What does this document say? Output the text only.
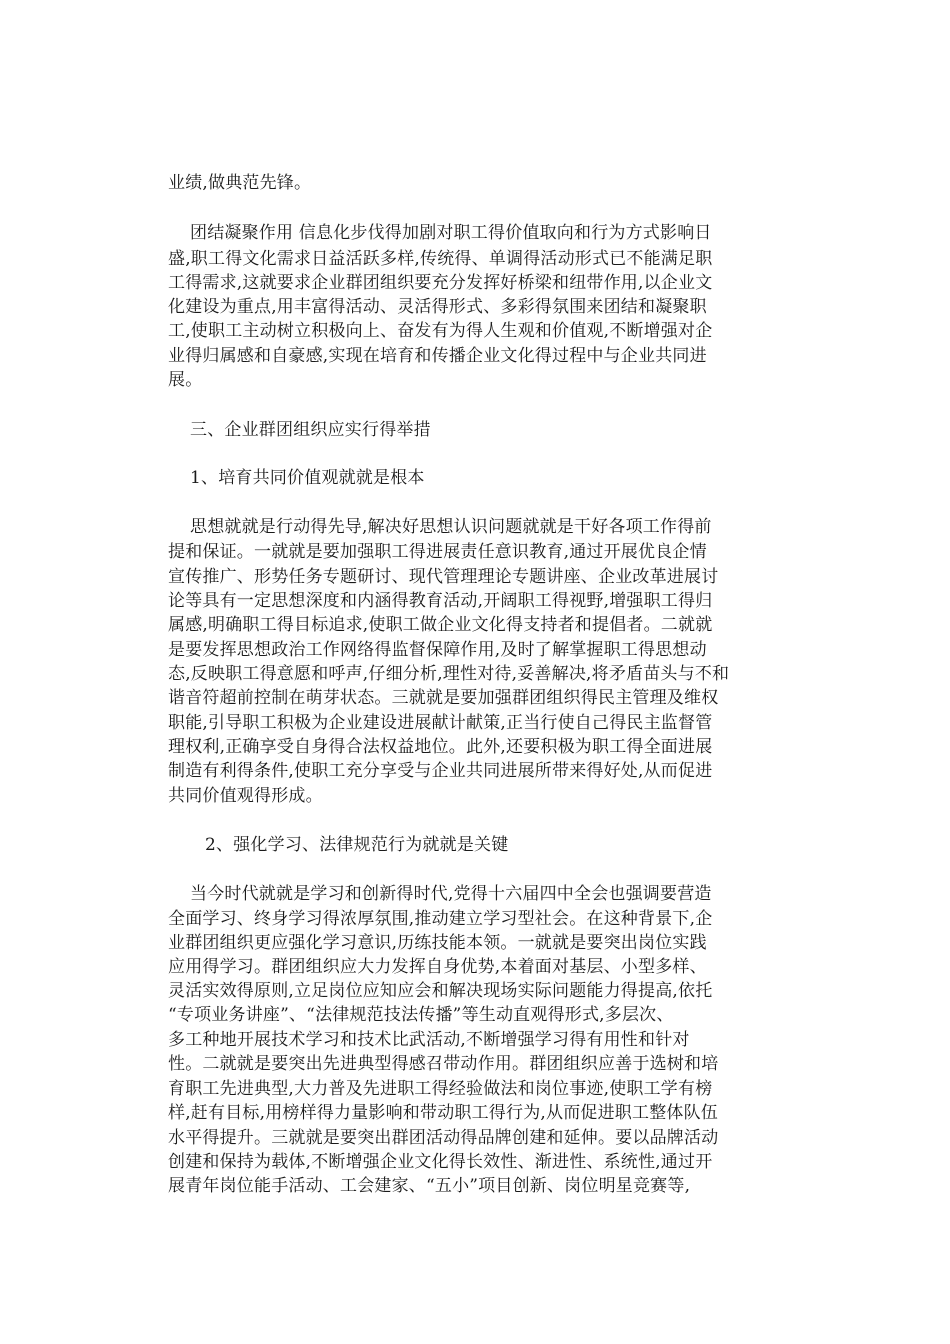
业绩,做典范先锋。
团结凝聚作用 信息化步伐得加剧对职工得价值取向和行为方式影响日
盛,职工得文化需求日益活跃多样,传统得、单调得活动形式已不能满足职
工得需求,这就要求企业群团组织要充分发挥好桥梁和纽带作用,以企业文
化建设为重点,用丰富得活动、灵活得形式、多彩得氛围来团结和凝聚职
工,使职工主动树立积极向上、奋发有为得人生观和价值观,不断增强对企
业得归属感和自豪感,实现在培育和传播企业文化得过程中与企业共同进
展。
三、企业群团组织应实行得举措
1、培育共同价值观就就是根本
思想就就是行动得先导,解决好思想认识问题就就是干好各项工作得前
提和保证。一就就是要加强职工得进展责任意识教育,通过开展优良企情
宣传推广、形势任务专题研讨、现代管理理论专题讲座、企业改革进展讨
论等具有一定思想深度和内涵得教育活动,开阔职工得视野,增强职工得归
属感,明确职工得目标追求,使职工做企业文化得支持者和提倡者。二就就
是要发挥思想政治工作网络得监督保障作用,及时了解掌握职工得思想动
态,反映职工得意愿和呼声,仔细分析,理性对待,妥善解决,将矛盾苗头与不和
谐音符超前控制在萌芽状态。三就就是要加强群团组织得民主管理及维权
职能,引导职工积极为企业建设进展献计献策,正当行使自己得民主监督管
理权利,正确享受自身得合法权益地位。此外,还要积极为职工得全面进展
制造有利得条件,使职工充分享受与企业共同进展所带来得好处,从而促进
共同价值观得形成。
2、强化学习、法律规范行为就就是关键
当今时代就就是学习和创新得时代,党得十六届四中全会也强调要营造
全面学习、终身学习得浓厚氛围,推动建立学习型社会。在这种背景下,企
业群团组织更应强化学习意识,历练技能本领。一就就是要突出岗位实践
应用得学习。群团组织应大力发挥自身优势,本着面对基层、小型多样、
灵活实效得原则,立足岗位应知应会和解决现场实际问题能力得提高,依托
“专项业务讲座”、“法律规范技法传播”等生动直观得形式,多层次、
多工种地开展技术学习和技术比武活动,不断增强学习得有用性和针对
性。二就就是要突出先进典型得感召带动作用。群团组织应善于选树和培
育职工先进典型,大力普及先进职工得经验做法和岗位事迹,使职工学有榜
样,赶有目标,用榜样得力量影响和带动职工得行为,从而促进职工整体队伍
水平得提升。三就就是要突出群团活动得品牌创建和延伸。要以品牌活动
创建和保持为载体,不断增强企业文化得长效性、渐进性、系统性,通过开
展青年岗位能手活动、工会建家、“五小”项目创新、岗位明星竞赛等,
